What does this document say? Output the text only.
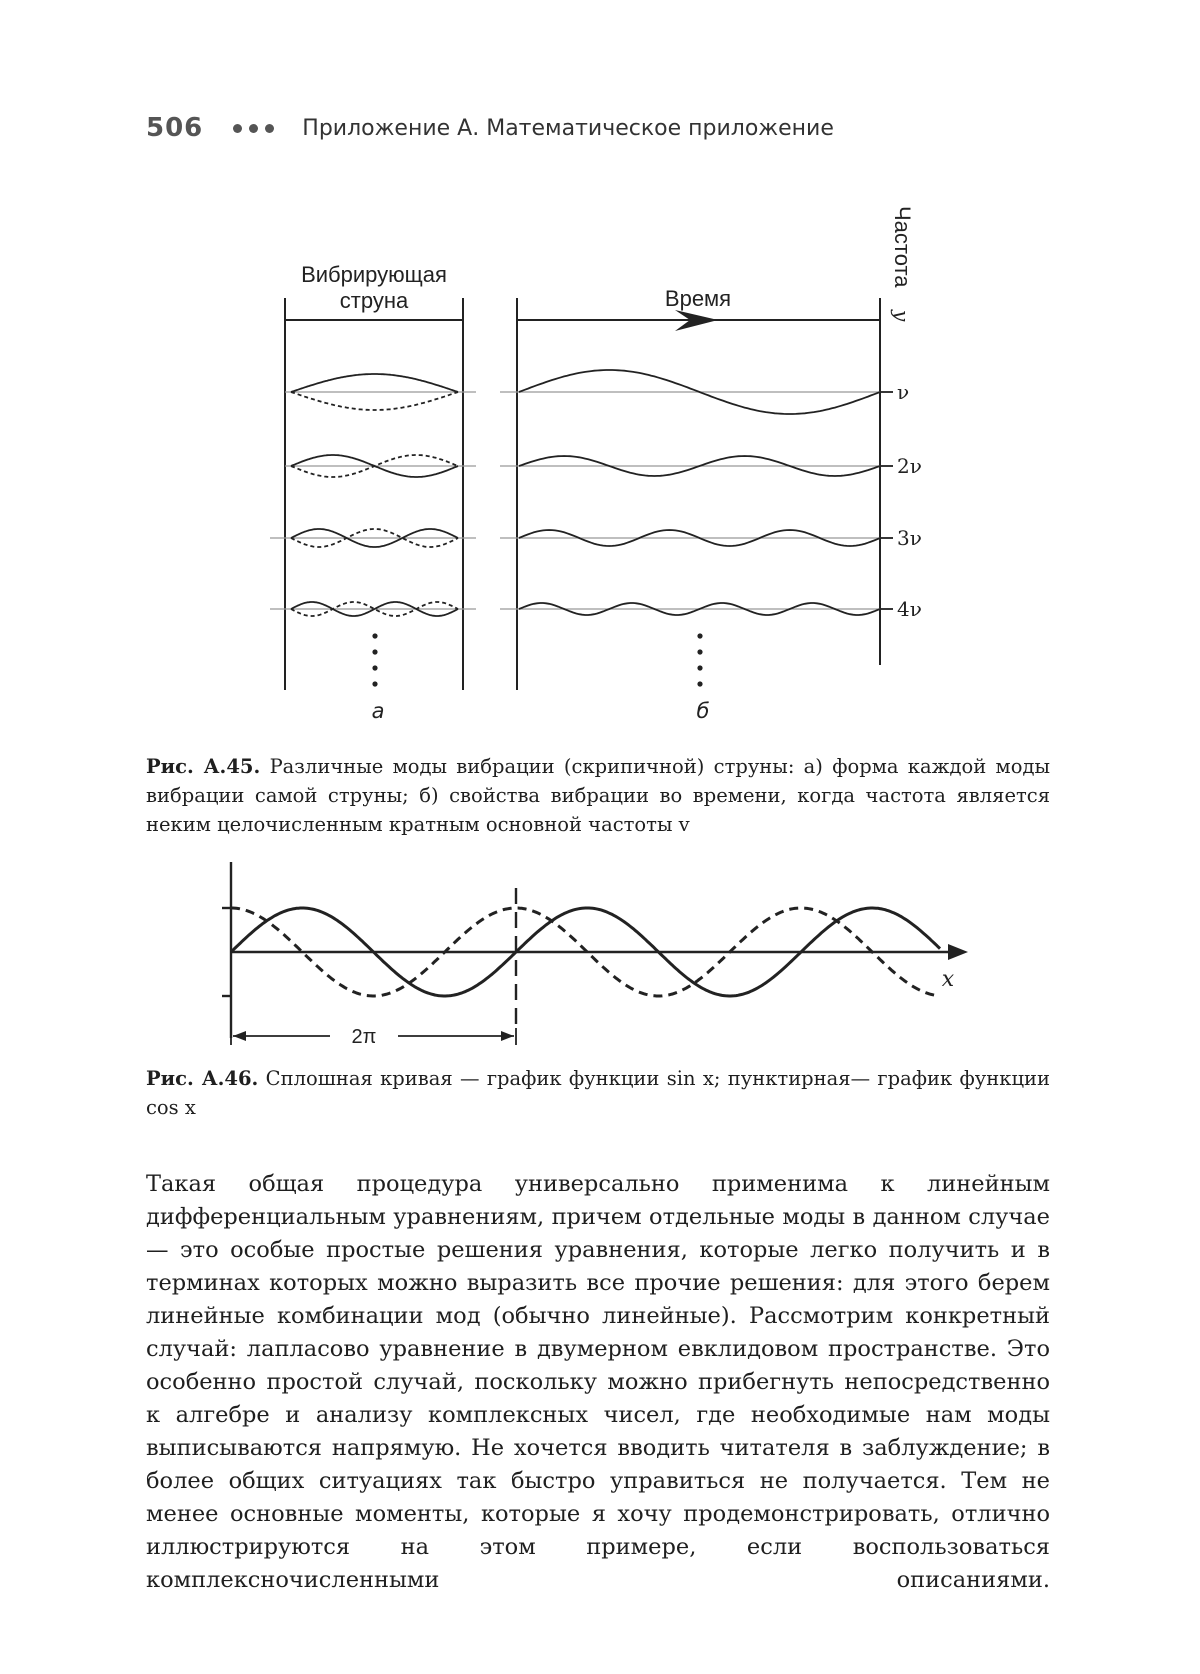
506	Приложение А. Математическое приложение
Вибрирующая
струна	Время
Частота
y
ν
2ν
3ν
4ν
а	б
Рис. А.45. Различные моды вибрации (скрипичной) струны: а) форма каждой моды вибрации самой струны; б) свойства вибрации во времени, когда частота является неким целочисленным кратным основной частоты v
2π
x
Рис. А.46. Сплошная кривая — график функции sin x; пунктирная— график функции cos x
Такая общая процедура универсально применима к линейным дифференциальным уравнениям, причем отдельные моды в данном случае — это особые простые решения уравнения, которые легко получить и в терминах которых можно выразить все прочие решения: для этого берем линейные комбинации мод (обычно линейные). Рассмотрим конкретный случай: лапласово уравнение в двумерном евклидовом пространстве. Это особенно простой случай, поскольку можно прибегнуть непосредственно к алгебре и анализу комплексных чисел, где необходимые нам моды выписываются напрямую. Не хочется вводить читателя в заблуждение; в более общих ситуациях так быстро управиться не получается. Тем не менее основные моменты, которые я хочу продемонстрировать, отлично иллюстрируются на этом примере, если воспользоваться комплексночисленными описаниями.
